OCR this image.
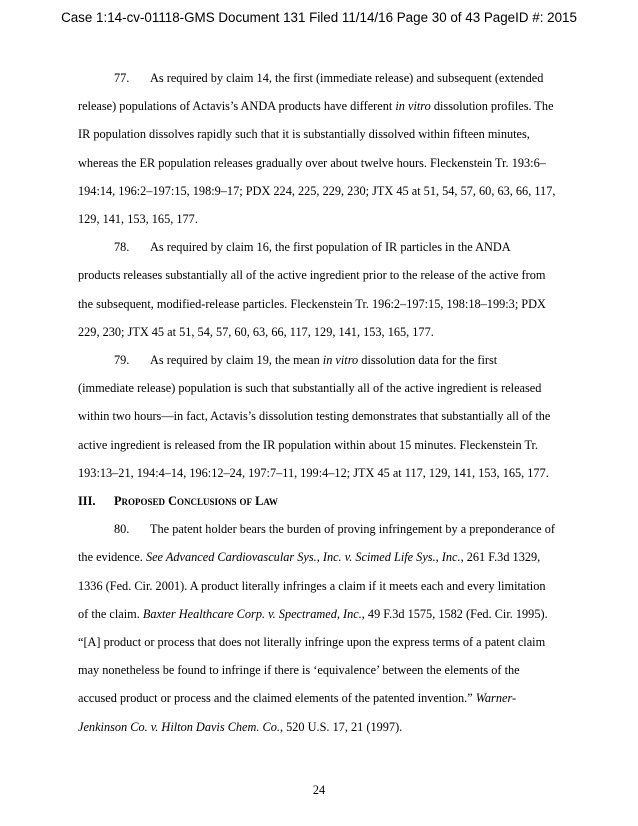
Case 1:14-cv-01118-GMS Document 131 Filed 11/14/16 Page 30 of 43 PageID #: 2015
77. As required by claim 14, the first (immediate release) and subsequent (extended
release) populations of Actavis’s ANDA products have different in vitro dissolution profiles. The
IR population dissolves rapidly such that it is substantially dissolved within fifteen minutes,
whereas the ER population releases gradually over about twelve hours. Fleckenstein Tr. 193:6–
194:14, 196:2–197:15, 198:9–17; PDX 224, 225, 229, 230; JTX 45 at 51, 54, 57, 60, 63, 66, 117,
129, 141, 153, 165, 177.
78. As required by claim 16, the first population of IR particles in the ANDA
products releases substantially all of the active ingredient prior to the release of the active from
the subsequent, modified-release particles. Fleckenstein Tr. 196:2–197:15, 198:18–199:3; PDX
229, 230; JTX 45 at 51, 54, 57, 60, 63, 66, 117, 129, 141, 153, 165, 177.
79. As required by claim 19, the mean in vitro dissolution data for the first
(immediate release) population is such that substantially all of the active ingredient is released
within two hours—in fact, Actavis’s dissolution testing demonstrates that substantially all of the
active ingredient is released from the IR population within about 15 minutes. Fleckenstein Tr.
193:13–21, 194:4–14, 196:12–24, 197:7–11, 199:4–12; JTX 45 at 117, 129, 141, 153, 165, 177.
III. Proposed Conclusions of Law
80. The patent holder bears the burden of proving infringement by a preponderance of
the evidence. See Advanced Cardiovascular Sys., Inc. v. Scimed Life Sys., Inc., 261 F.3d 1329,
1336 (Fed. Cir. 2001). A product literally infringes a claim if it meets each and every limitation
of the claim. Baxter Healthcare Corp. v. Spectramed, Inc., 49 F.3d 1575, 1582 (Fed. Cir. 1995).
“[A] product or process that does not literally infringe upon the express terms of a patent claim
may nonetheless be found to infringe if there is ‘equivalence’ between the elements of the
accused product or process and the claimed elements of the patented invention.” Warner-
Jenkinson Co. v. Hilton Davis Chem. Co., 520 U.S. 17, 21 (1997).
24
